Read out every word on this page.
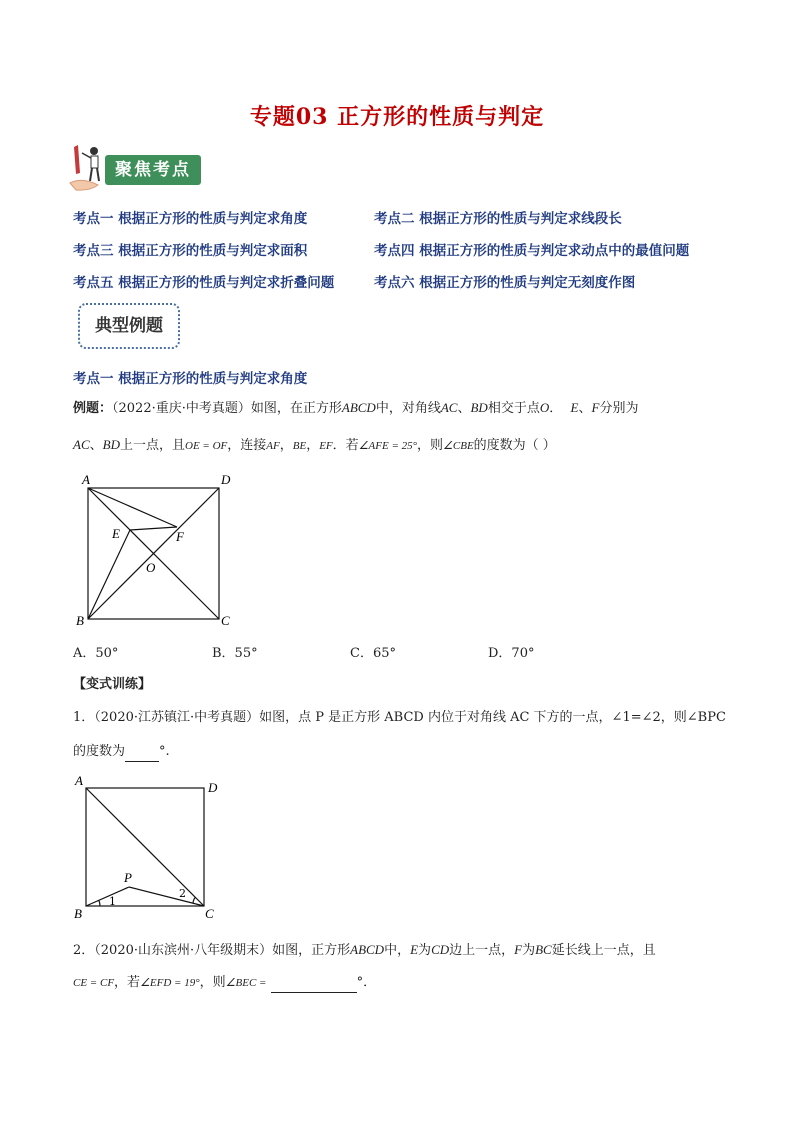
专题03 正方形的性质与判定
聚焦考点
考点一 根据正方形的性质与判定求角度	考点二 根据正方形的性质与判定求线段长
考点三 根据正方形的性质与判定求面积	考点四 根据正方形的性质与判定求动点中的最值问题
考点五 根据正方形的性质与判定求折叠问题	考点六 根据正方形的性质与判定无刻度作图
典型例题
考点一 根据正方形的性质与判定求角度
例题：（2022·重庆·中考真题）如图，在正方形ABCD中，对角线AC、BD相交于点O． E、F分别为
AC、BD上一点，且OE = OF，连接AF，BE，EF．若∠AFE = 25°，则∠CBE的度数为（ ）
A	D
B	C
E	F
O
A．50°	B．55°	C．65°	D．70°
【变式训练】
1．（2020·江苏镇江·中考真题）如图，点 P 是正方形 ABCD 内位于对角线 AC 下方的一点，∠1=∠2，则∠BPC
的度数为	°.
A	D
B	C
P
1
2
2．（2020·山东滨州·八年级期末）如图，正方形ABCD中，E为CD边上一点，F为BC延长线上一点，且
CE = CF，若∠EFD = 19°，则∠BEC =	°．
